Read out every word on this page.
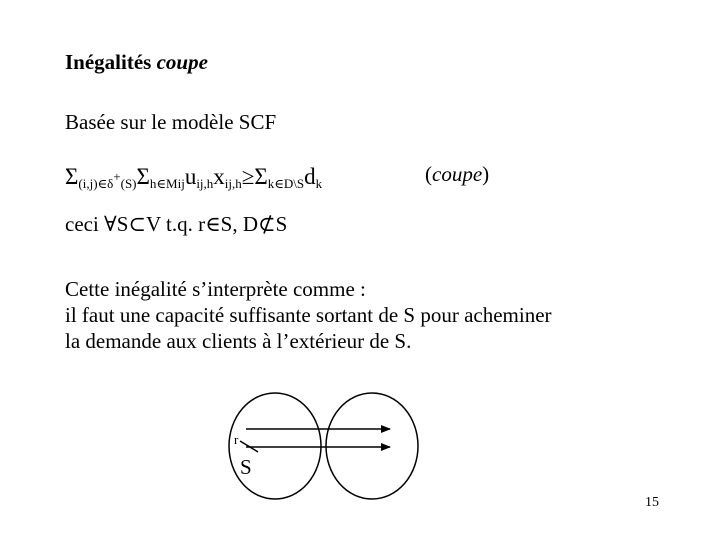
Inégalités coupe
Basée sur le modèle SCF
$\Sigma_{(i,j)\in\delta+(S)}\Sigma_{h\in Mij}u_{ij,h}x_{ij,h}\ge\Sigma_{k\in D\backslash S}d_k$	(coupe)
ceci ∀S⊂V t.q. r∈S, D⊄S
Cette inégalité s’interprète comme :
il faut une capacité suffisante sortant de S pour acheminer
la demande aux clients à l’extérieur de S.
r
S
15
